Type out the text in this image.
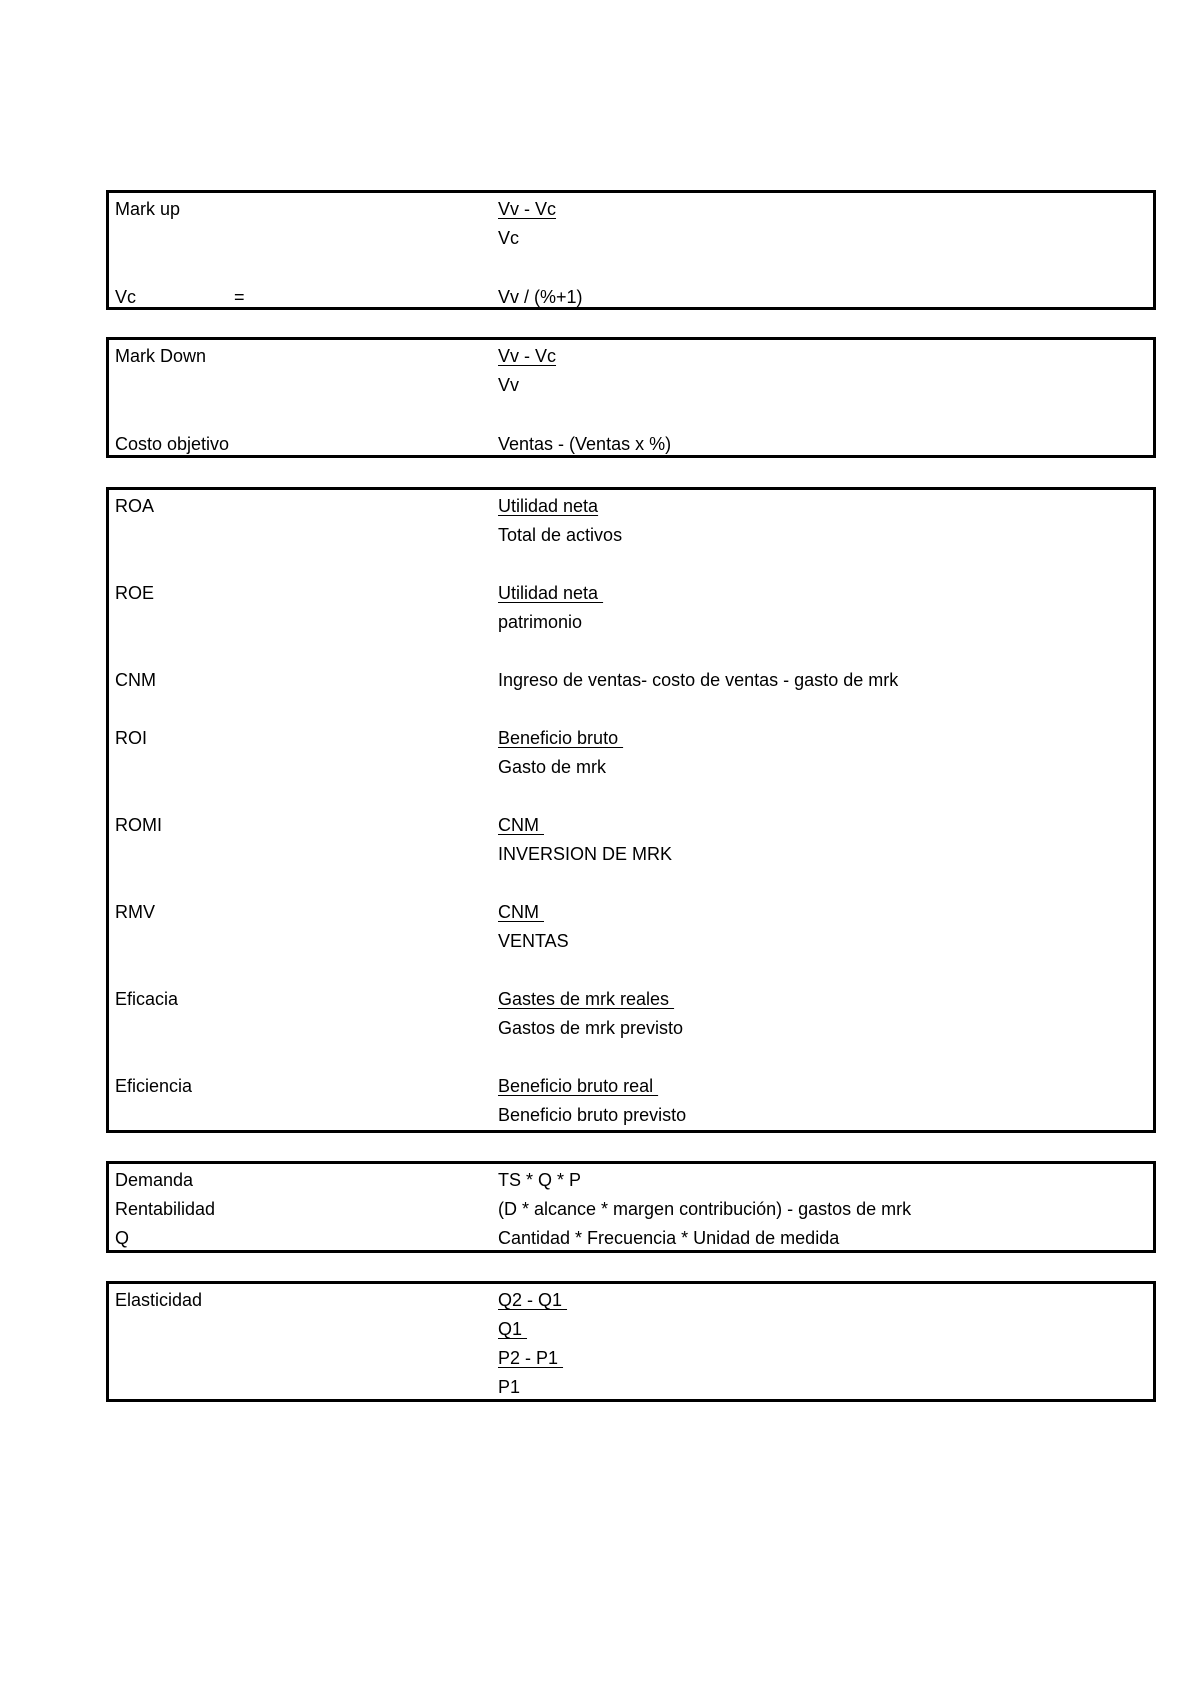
Mark up	Vv - Vc
Vc
Vc	=	Vv / (%+1)
Mark Down	Vv - Vc
Vv
Costo objetivo	Ventas - (Ventas x %)
ROA	Utilidad neta
Total de activos
ROE	Utilidad neta
patrimonio
CNM	Ingreso de ventas- costo de ventas - gasto de mrk
ROI	Beneficio bruto
Gasto de mrk
ROMI	CNM
INVERSION DE MRK
RMV	CNM
VENTAS
Eficacia	Gastes de mrk reales
Gastos de mrk previsto
Eficiencia	Beneficio bruto real
Beneficio bruto previsto
Demanda	TS * Q * P
Rentabilidad	(D * alcance * margen contribución) - gastos de mrk
Q	Cantidad * Frecuencia * Unidad de medida
Elasticidad	Q2 - Q1
Q1
P2 - P1
P1
